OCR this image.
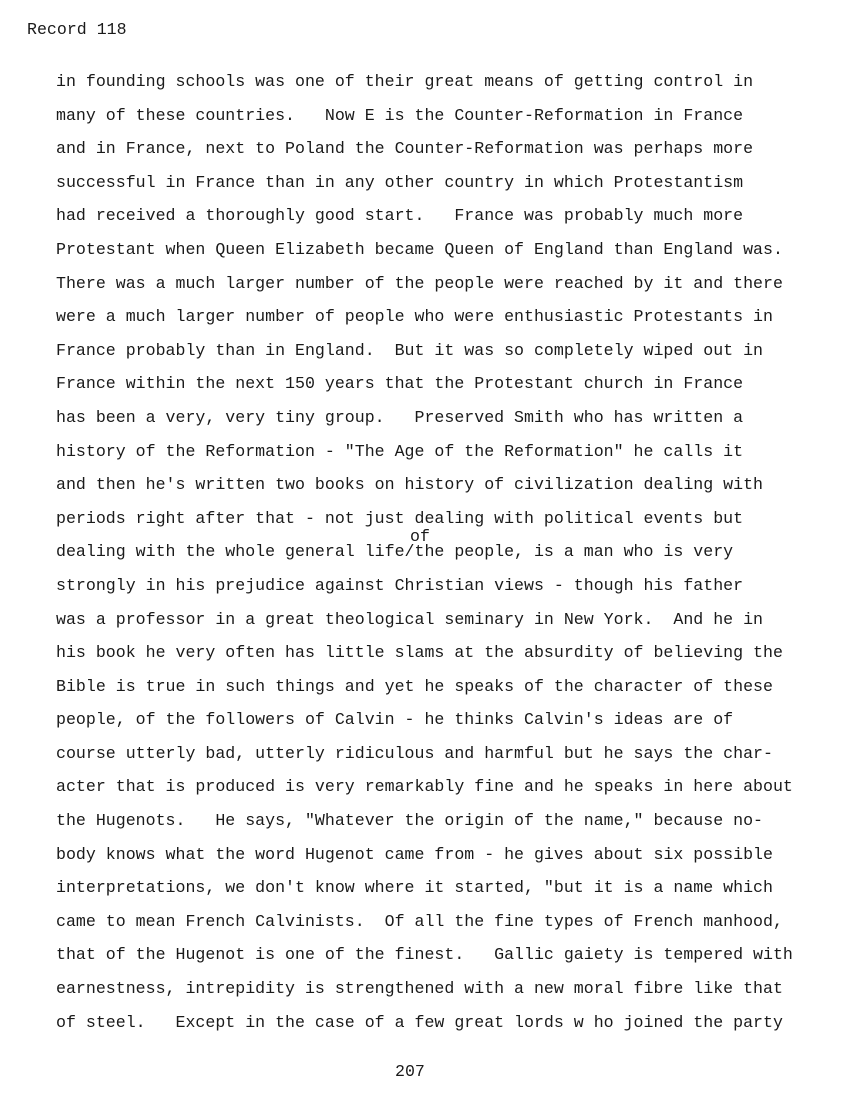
Record 118
in founding schools was one of their great means of getting control in
many of these countries.   Now E is the Counter-Reformation in France
and in France, next to Poland the Counter-Reformation was perhaps more
successful in France than in any other country in which Protestantism
had received a thoroughly good start.   France was probably much more
Protestant when Queen Elizabeth became Queen of England than England was.
There was a much larger number of the people were reached by it and there
were a much larger number of people who were enthusiastic Protestants in
France probably than in England.  But it was so completely wiped out in
France within the next 150 years that the Protestant church in France
has been a very, very tiny group.   Preserved Smith who has written a
history of the Reformation - "The Age of the Reformation" he calls it
and then he's written two books on history of civilization dealing with
periods right after that - not just dealing with political events but
dealing with the whole general life/the people, is a man who is very
strongly in his prejudice against Christian views - though his father
was a professor in a great theological seminary in New York.  And he in
his book he very often has little slams at the absurdity of believing the
Bible is true in such things and yet he speaks of the character of these
people, of the followers of Calvin - he thinks Calvin's ideas are of
course utterly bad, utterly ridiculous and harmful but he says the char-
acter that is produced is very remarkably fine and he speaks in here about
the Hugenots.   He says, "Whatever the origin of the name," because no-
body knows what the word Hugenot came from - he gives about six possible
interpretations, we don't know where it started, "but it is a name which
came to mean French Calvinists.  Of all the fine types of French manhood,
that of the Hugenot is one of the finest.   Gallic gaiety is tempered with
earnestness, intrepidity is strengthened with a new moral fibre like that
of steel.   Except in the case of a few great lords w ho joined the party
of
207
